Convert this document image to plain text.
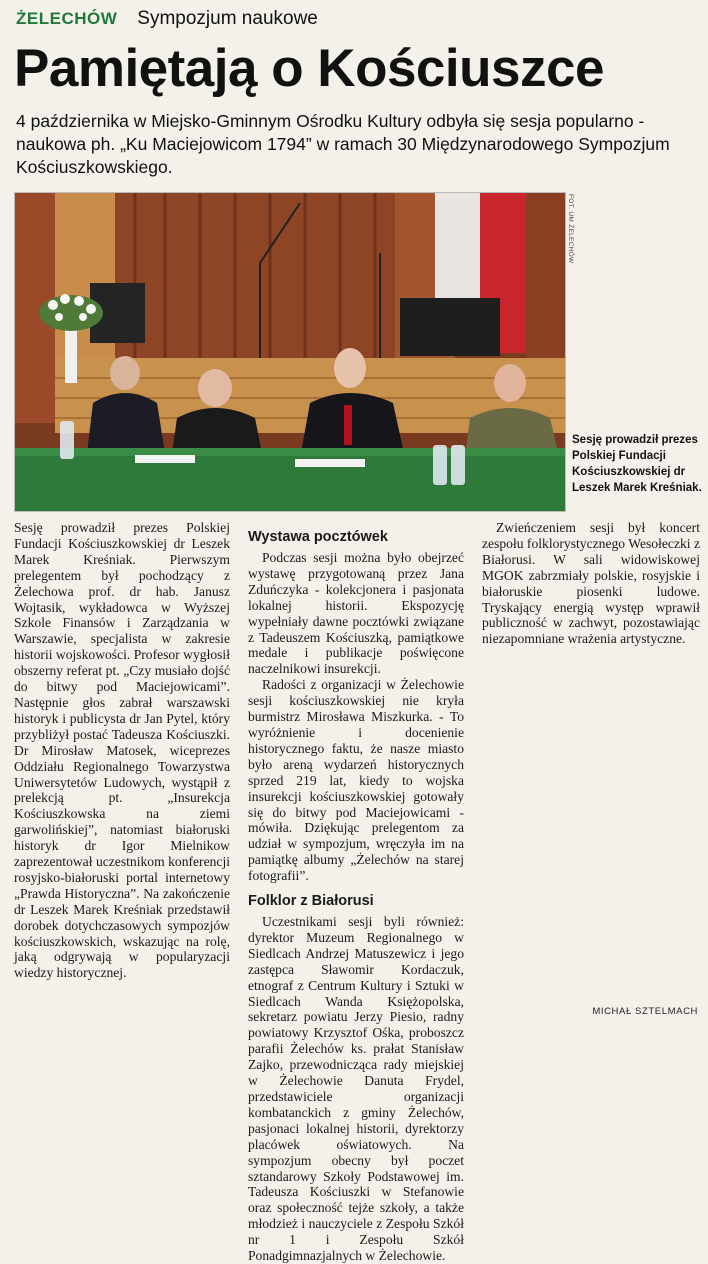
ŻELECHÓW Sympozjum naukowe
Pamiętają o Kościuszce

4 października w Miejsko-Gminnym Ośrodku Kultury odbyła się sesja popularno -naukowa ph. „Ku Maciejowicom 1794” w ramach 30 Międzynarodowego Sympozjum Kościuszkowskiego.

FOT. UM ŻELECHÓW

Sesję prowadził prezes Polskiej Fundacji Kościuszkowskiej dr Leszek Marek Kreśniak.

Sesję prowadził prezes Polskiej Fundacji Kościuszkowskiej dr Leszek Marek Kreśniak. Pierwszym prelegentem był pochodzący z Żelechowa prof. dr hab. Janusz Wojtasik, wykładowca w Wyższej Szkole Finansów i Zarządzania w Warszawie, specjalista w zakresie historii wojskowości. Profesor wygłosił obszerny referat pt. „Czy musiało dojść do bitwy pod Maciejowicami”. Następnie głos zabrał warszawski historyk i publicysta dr Jan Pytel, który przybliżył postać Tadeusza Kościuszki. Dr Mirosław Matosek, wiceprezes Oddziału Regionalnego Towarzystwa Uniwersytetów Ludowych, wystąpił z prelekcją pt. „Insurekcja Kościuszkowska na ziemi garwolińskiej”, natomiast białoruski historyk dr Igor Mielnikow zaprezentował uczestnikom konferencji rosyjsko-białoruski portal internetowy „Prawda Historyczna”. Na zakończenie dr Leszek Marek Kreśniak przedstawił dorobek dotychczasowych sympozjów kościuszkowskich, wskazując na rolę, jaką odgrywają w popularyzacji wiedzy historycznej.

Wystawa pocztówek

Podczas sesji można było obejrzeć wystawę przygotowaną przez Jana Zduńczyka - kolekcjonera i pasjonata lokalnej historii. Ekspozycję wypełniały dawne pocztówki związane z Tadeuszem Kościuszką, pamiątkowe medale i publikacje poświęcone naczelnikowi insurekcji.

Radości z organizacji w Żelechowie sesji kościuszkowskiej nie kryła burmistrz Mirosława Miszkurka. - To wyróżnienie i docenienie historycznego faktu, że nasze miasto było areną wydarzeń historycznych sprzed 219 lat, kiedy to wojska insurekcji kościuszkowskiej gotowały się do bitwy pod Maciejowicami - mówiła. Dziękując prelegentom za udział w sympozjum, wręczyła im na pamiątkę albumy „Żelechów na starej fotografii”.

Folklor z Białorusi

Uczestnikami sesji byli również: dyrektor Muzeum Regionalnego w Siedlcach Andrzej Matuszewicz i jego zastępca Sławomir Kordaczuk, etnograf z Centrum Kultury i Sztuki w Siedlcach Wanda Księżopolska, sekretarz powiatu Jerzy Piesio, radny powiatowy Krzysztof Ośka, proboszcz parafii Żelechów ks. prałat Stanisław Zajko, przewodnicząca rady miejskiej w Żelechowie Danuta Frydel, przedstawiciele organizacji kombatanckich z gminy Żelechów, pasjonaci lokalnej historii, dyrektorzy placówek oświatowych. Na sympozjum obecny był poczet sztandarowy Szkoły Podstawowej im. Tadeusza Kościuszki w Stefanowie oraz społeczność tejże szkoły, a także młodzież i nauczyciele z Zespołu Szkół nr 1 i Zespołu Szkół Ponadgimnazjalnych w Żelechowie.

Zwieńczeniem sesji był koncert zespołu folklorystycznego Wesołeczki z Białorusi. W sali widowiskowej MGOK zabrzmiały polskie, rosyjskie i białoruskie piosenki ludowe. Tryskający energią występ wprawił publiczność w zachwyt, pozostawiając niezapomniane wrażenia artystyczne.

MICHAŁ SZTELMACH
